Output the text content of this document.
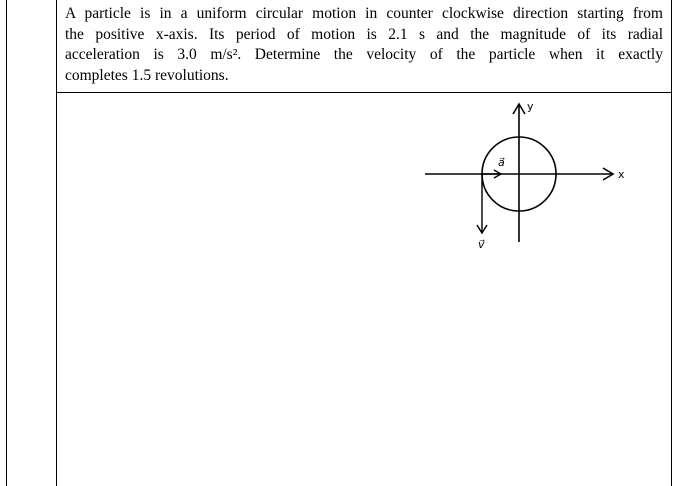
A particle is in a uniform circular motion in counter clockwise direction starting from
the positive x-axis. Its period of motion is 2.1 s and the magnitude of its radial
acceleration is 3.0 m/s². Determine the velocity of the particle when it exactly
completes 1.5 revolutions.
x
y
a⃗
v⃗
